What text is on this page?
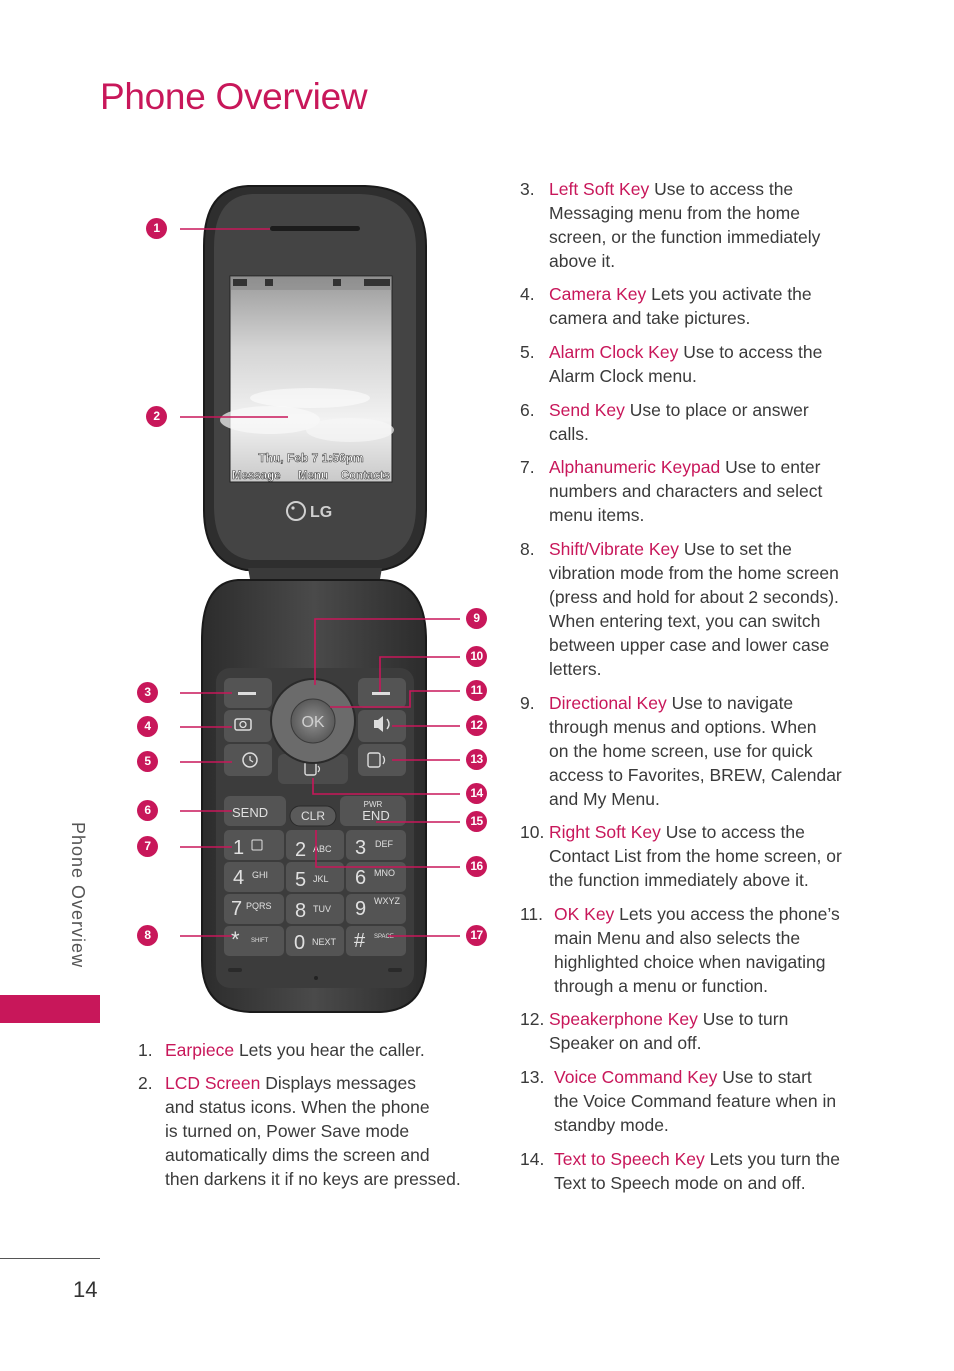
Phone Overview
Phone Overview
14
Thu, Feb 7 1:56pm
Message Menu Contacts
LG
OK
SEND	CLR
PWR
END
1	2 ABC 3 DEF
4 GHI 5 JKL 6 MNO
7 PQRS 8 TUV 9 WXYZ
* SHIFT 0 NEXT # SPACE
1
2
3
4
5
6
7
8
9
10
11
12
13
14
15
16
17
1. Earpiece Lets you hear the caller.
2. LCD Screen Displays messages
and status icons. When the phone
is turned on, Power Save mode
automatically dims the screen and
then darkens it if no keys are pressed.
3. Left Soft Key Use to access the
Messaging menu from the home
screen, or the function immediately
above it.
4. Camera Key Lets you activate the
camera and take pictures.
5. Alarm Clock Key Use to access the
Alarm Clock menu.
6. Send Key Use to place or answer
calls.
7. Alphanumeric Keypad Use to enter
numbers and characters and select
menu items.
8. Shift/Vibrate Key Use to set the
vibration mode from the home screen
(press and hold for about 2 seconds).
When entering text, you can switch
between upper case and lower case
letters.
9. Directional Key Use to navigate
through menus and options. When
on the home screen, use for quick
access to Favorites, BREW, Calendar
and My Menu.
10. Right Soft Key Use to access the
Contact List from the home screen, or
the function immediately above it.
11. OK Key Lets you access the phone’s
main Menu and also selects the
highlighted choice when navigating
through a menu or function.
12. Speakerphone Key Use to turn
Speaker on and off.
13. Voice Command Key Use to start
the Voice Command feature when in
standby mode.
14. Text to Speech Key Lets you turn the
Text to Speech mode on and off.
